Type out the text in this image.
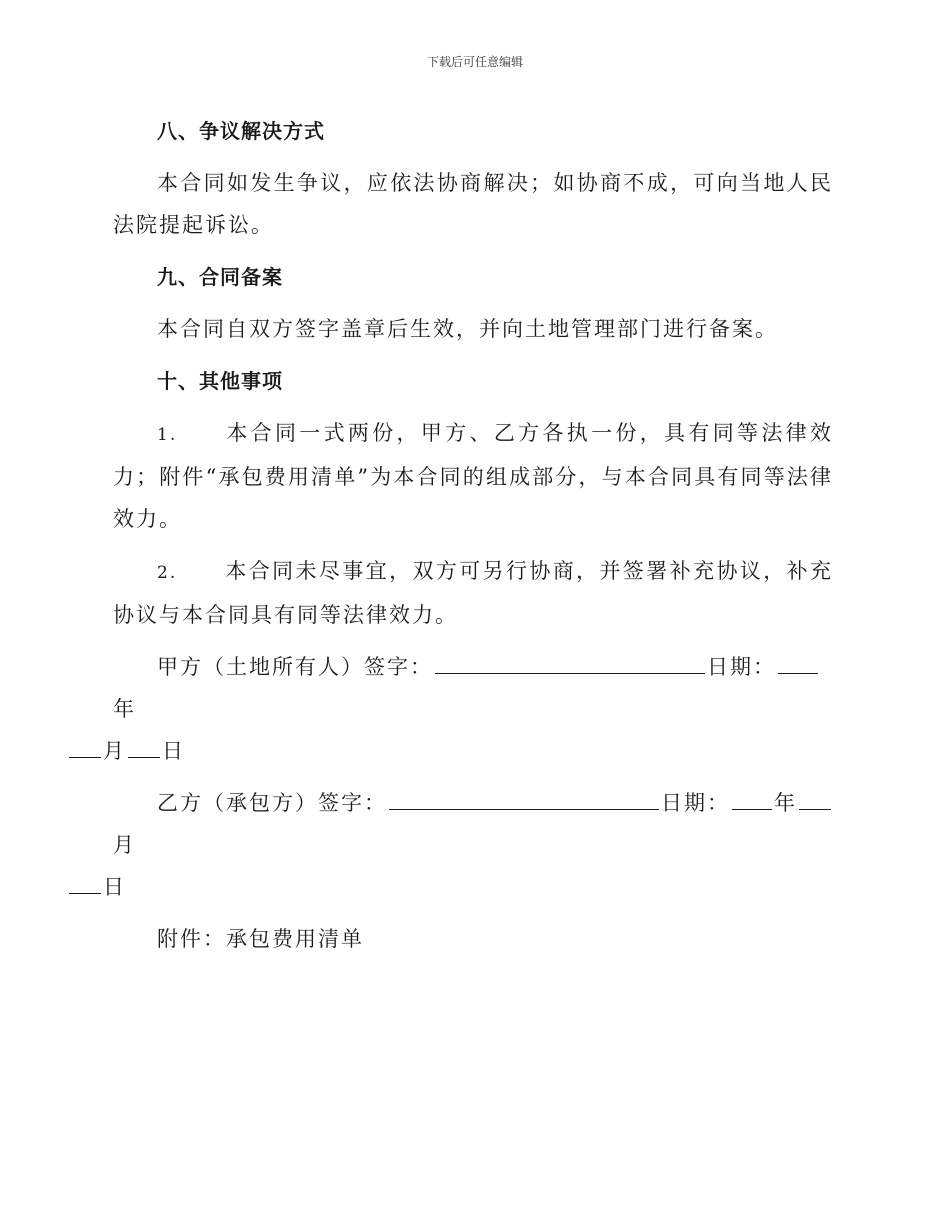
下载后可任意编辑
八、争议解决方式

本合同如发生争议，应依法协商解决；如协商不成，可向当地人民法院提起诉讼。

九、合同备案

本合同自双方签字盖章后生效，并向土地管理部门进行备案。

十、其他事项

1. 本合同一式两份，甲方、乙方各执一份，具有同等法律效力；附件“承包费用清单”为本合同的组成部分，与本合同具有同等法律效力。

2. 本合同未尽事宜，双方可另行协商，并签署补充协议，补充协议与本合同具有同等法律效力。

甲方（土地所有人）签字：	日期：年
月 日

乙方（承包方）签字：	日期： 年月
日

附件：承包费用清单
